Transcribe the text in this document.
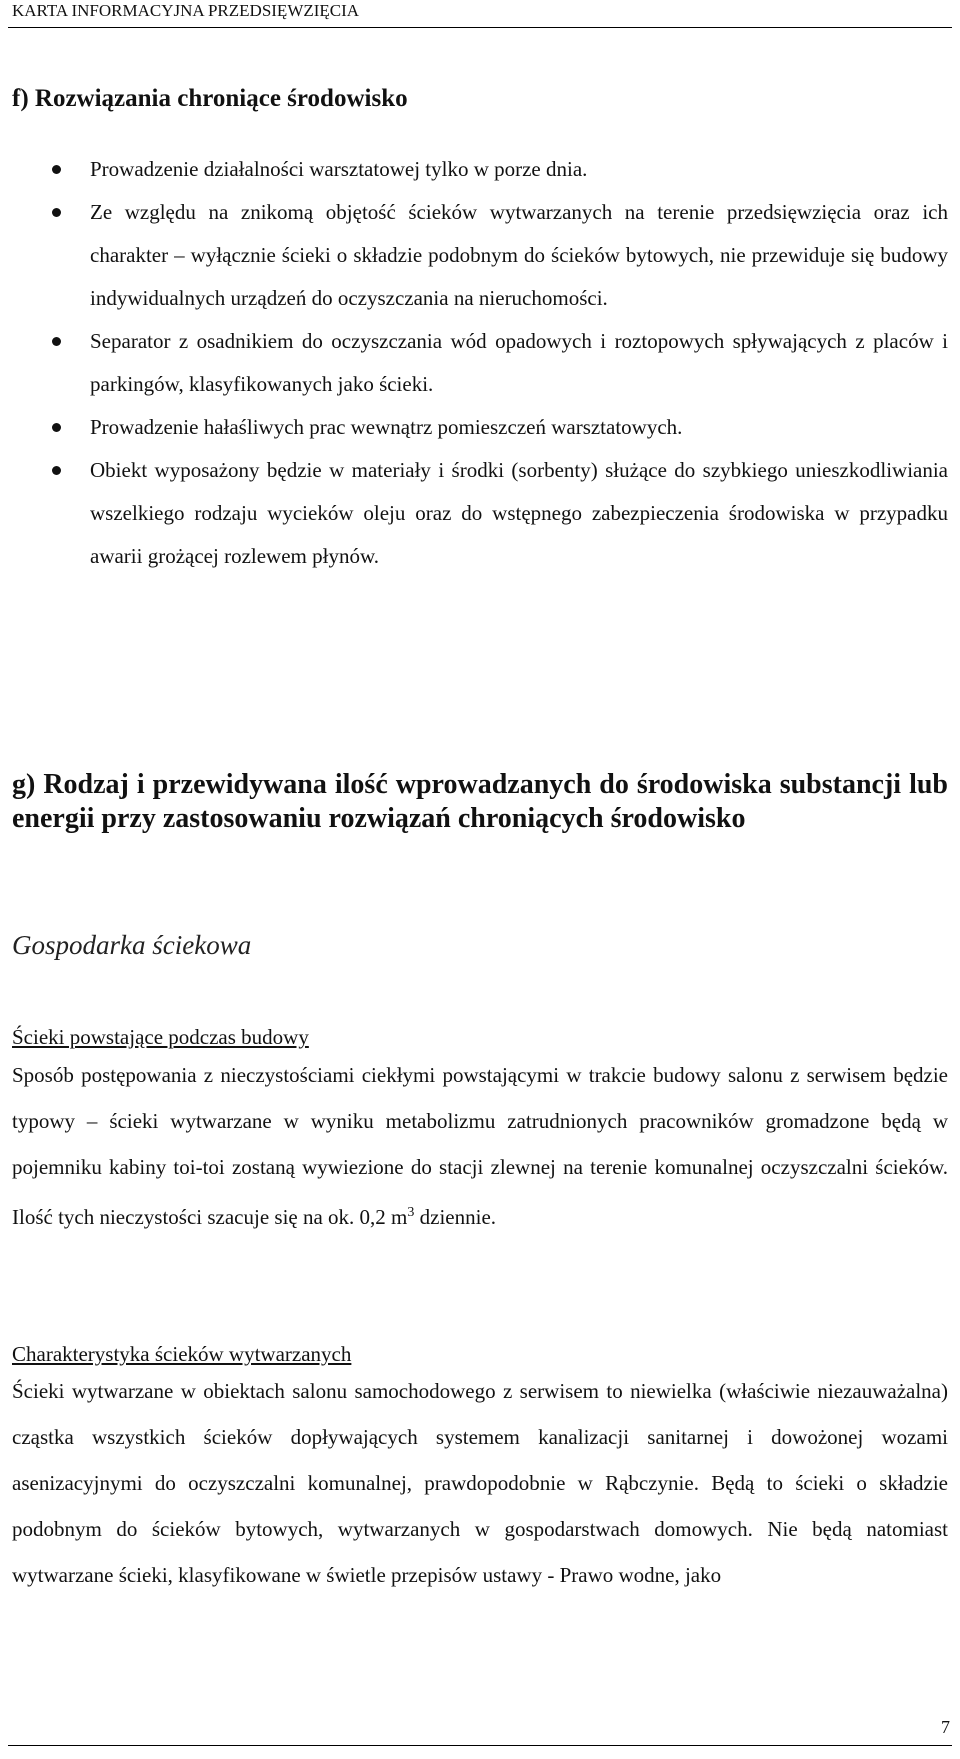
KARTA INFORMACYJNA PRZEDSIĘWZIĘCIA
f) Rozwiązania chroniące środowisko
Prowadzenie działalności warsztatowej tylko w porze dnia.
Ze względu na znikomą objętość ścieków wytwarzanych na terenie przedsięwzięcia oraz ich charakter – wyłącznie ścieki o składzie podobnym do ścieków bytowych, nie przewiduje się budowy indywidualnych urządzeń do oczyszczania na nieruchomości.
Separator z osadnikiem do oczyszczania wód opadowych i roztopowych spływających z placów i parkingów, klasyfikowanych jako ścieki.
Prowadzenie hałaśliwych prac wewnątrz pomieszczeń warsztatowych.
Obiekt wyposażony będzie w materiały i środki (sorbenty) służące do szybkiego unieszkodliwiania wszelkiego rodzaju wycieków oleju oraz do wstępnego zabezpieczenia środowiska w przypadku awarii grożącej rozlewem płynów.
g) Rodzaj i przewidywana ilość wprowadzanych do środowiska substancji lub energii przy zastosowaniu rozwiązań chroniących środowisko

Gospodarka ściekowa

Ścieki powstające podczas budowy

Sposób postępowania z nieczystościami ciekłymi powstającymi w trakcie budowy salonu z serwisem będzie typowy – ścieki wytwarzane w wyniku metabolizmu zatrudnionych pracowników gromadzone będą w pojemniku kabiny toi-toi zostaną wywiezione do stacji zlewnej na terenie komunalnej oczyszczalni ścieków. Ilość tych nieczystości szacuje się na ok. 0,2 $m^3$ dziennie.

Charakterystyka ścieków wytwarzanych

Ścieki wytwarzane w obiektach salonu samochodowego z serwisem to niewielka (właściwie niezauważalna) cząstka wszystkich ścieków dopływających systemem kanalizacji sanitarnej i dowożonej wozami asenizacyjnymi do oczyszczalni komunalnej, prawdopodobnie w Rąbczynie. Będą to ścieki o składzie podobnym do ścieków bytowych, wytwarzanych w gospodarstwach domowych. Nie będą natomiast wytwarzane ścieki, klasyfikowane w świetle przepisów ustawy - Prawo wodne, jako

7
